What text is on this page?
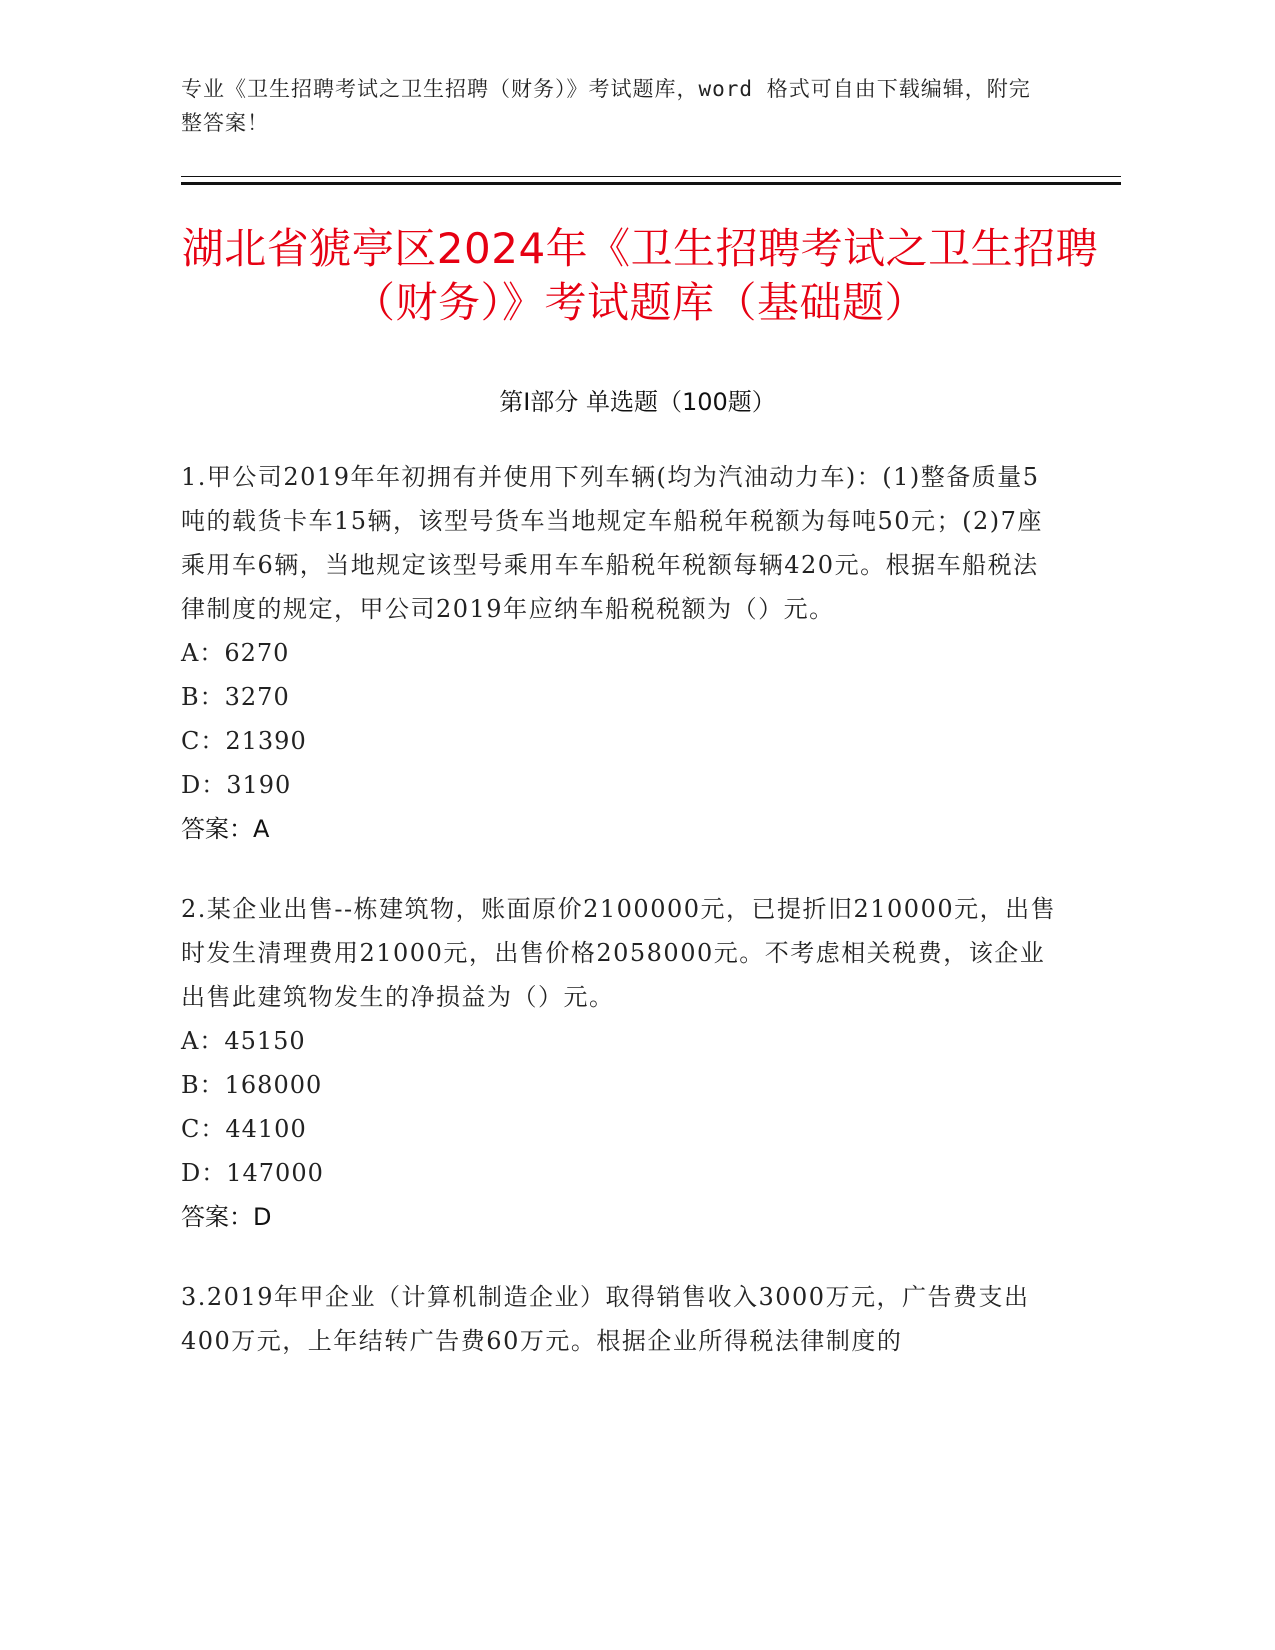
专业《卫生招聘考试之卫生招聘（财务）》考试题库，word 格式可自由下载编辑，附完整答案！
湖北省猇亭区2024年《卫生招聘考试之卫生招聘（财务）》考试题库（基础题）
第Ⅰ部分 单选题（100题）
1.甲公司2019年年初拥有并使用下列车辆(均为汽油动力车)：(1)整备质量5吨的载货卡车15辆，该型号货车当地规定车船税年税额为每吨50元；(2)7座乘用车6辆，当地规定该型号乘用车车船税年税额每辆420元。根据车船税法律制度的规定，甲公司2019年应纳车船税税额为（）元。
A：6270
B：3270
C：21390
D：3190
答案：A
2.某企业出售--栋建筑物，账面原价2100000元，已提折旧210000元，出售时发生清理费用21000元，出售价格2058000元。不考虑相关税费，该企业出售此建筑物发生的净损益为（）元。
A：45150
B：168000
C：44100
D：147000
答案：D
3.2019年甲企业（计算机制造企业）取得销售收入3000万元，广告费支出400万元，上年结转广告费60万元。根据企业所得税法律制度的
